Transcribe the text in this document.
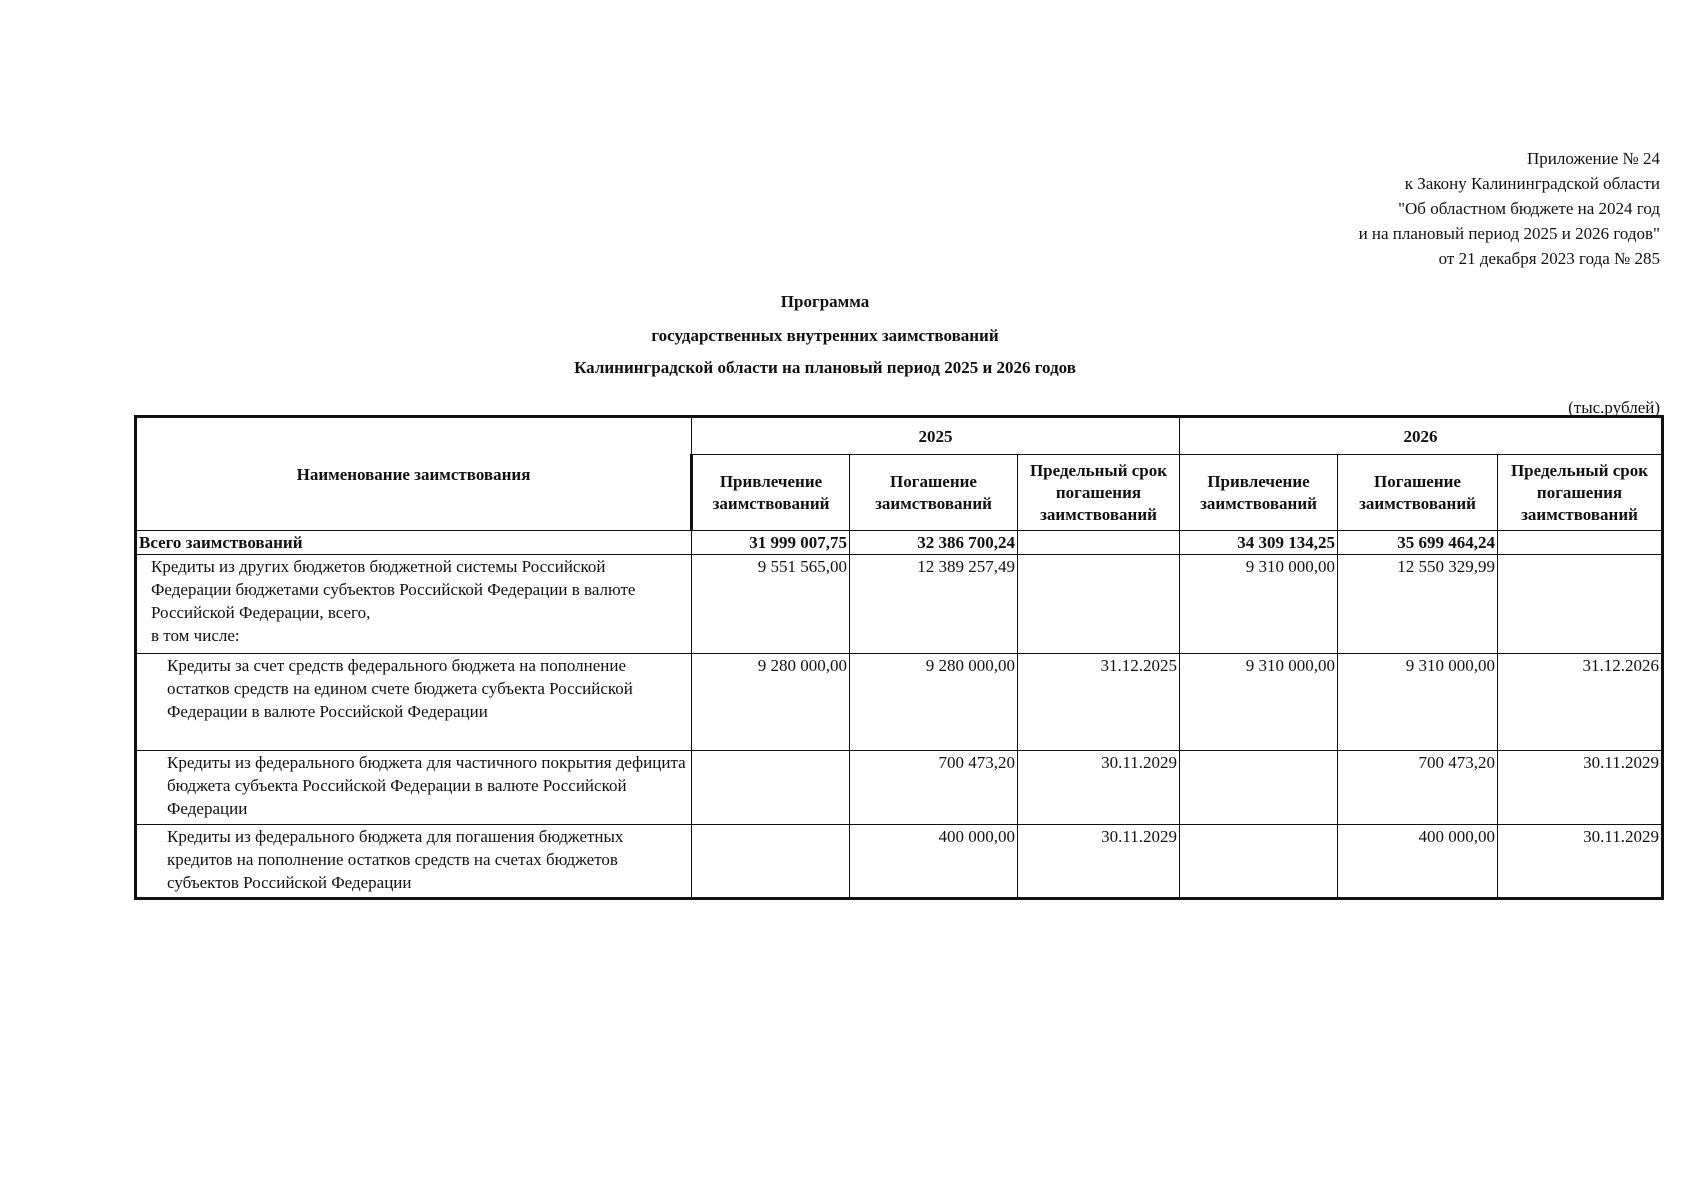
Приложение № 24
к Закону Калининградской области
"Об областном бюджете на 2024 год
и на плановый период 2025 и 2026 годов"
от 21 декабря 2023 года № 285
Программа
государственных внутренних заимствований
Калининградской области на плановый период 2025 и 2026 годов
(тыс.рублей)
Наименование заимствования	2025			2026		
	Привлечение заимствований	Погашение заимствований	Предельный срок погашения заимствований	Привлечение заимствований	Погашение заимствований	Предельный срок погашения заимствований
Всего заимствований	31 999 007,75	32 386 700,24		34 309 134,25	35 699 464,24	
Кредиты из других бюджетов бюджетной системы Российской Федерации бюджетами субъектов Российской Федерации в валюте Российской Федерации, всего,
в том числе:	9 551 565,00	12 389 257,49		9 310 000,00	12 550 329,99	
Кредиты за счет средств федерального бюджета на пополнение остатков средств на едином счете бюджета субъекта Российской Федерации в валюте Российской Федерации	9 280 000,00	9 280 000,00	31.12.2025	9 310 000,00	9 310 000,00	31.12.2026
Кредиты из федерального бюджета для частичного покрытия дефицита бюджета субъекта Российской Федерации в валюте Российской Федерации		700 473,20	30.11.2029		700 473,20	30.11.2029
Кредиты из федерального бюджета для погашения бюджетных кредитов на пополнение остатков средств на счетах бюджетов субъектов Российской Федерации		400 000,00	30.11.2029		400 000,00	30.11.2029
